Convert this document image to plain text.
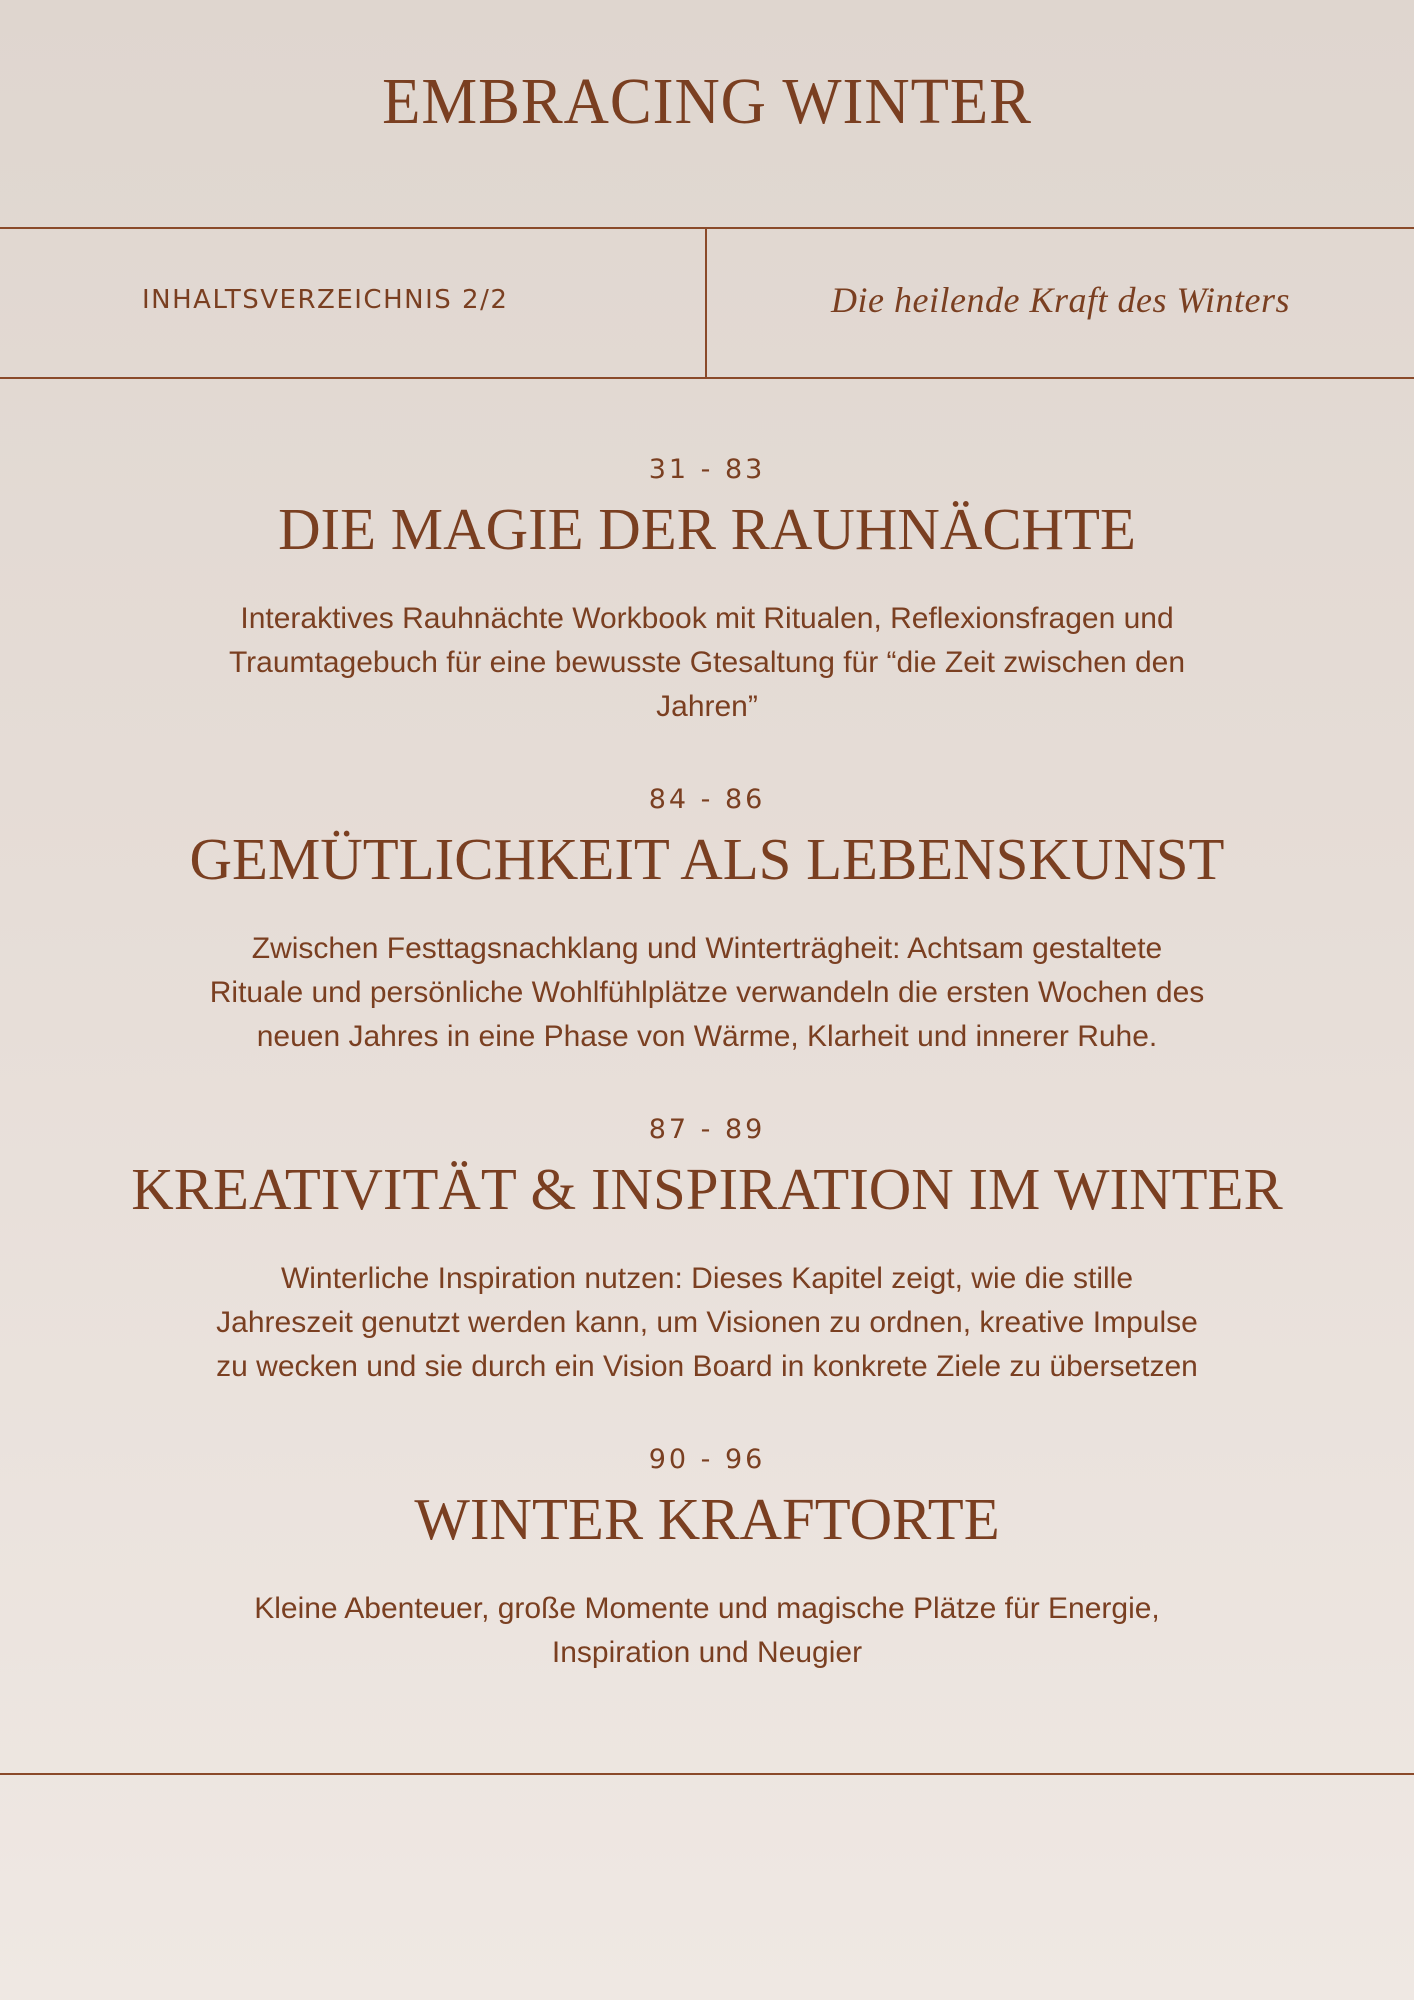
EMBRACING WINTER
INHALTSVERZEICHNIS 2/2	Die heilende Kraft des Winters

31 - 83

DIE MAGIE DER RAUHNÄCHTE
Interaktives Rauhnächte Workbook mit Ritualen, Reflexionsfragen und
Traumtagebuch für eine bewusste Gtesaltung für “die Zeit zwischen den
Jahren”

84 - 86

GEMÜTLICHKEIT ALS LEBENSKUNST
Zwischen Festtagsnachklang und Winterträgheit: Achtsam gestaltete
Rituale und persönliche Wohlfühlplätze verwandeln die ersten Wochen des
neuen Jahres in eine Phase von Wärme, Klarheit und innerer Ruhe.

87 - 89

KREATIVITÄT & INSPIRATION IM WINTER
Winterliche Inspiration nutzen: Dieses Kapitel zeigt, wie die stille
Jahreszeit genutzt werden kann, um Visionen zu ordnen, kreative Impulse
zu wecken und sie durch ein Vision Board in konkrete Ziele zu übersetzen

90 - 96

WINTER KRAFTORTE
Kleine Abenteuer, große Momente und magische Plätze für Energie,
Inspiration und Neugier
